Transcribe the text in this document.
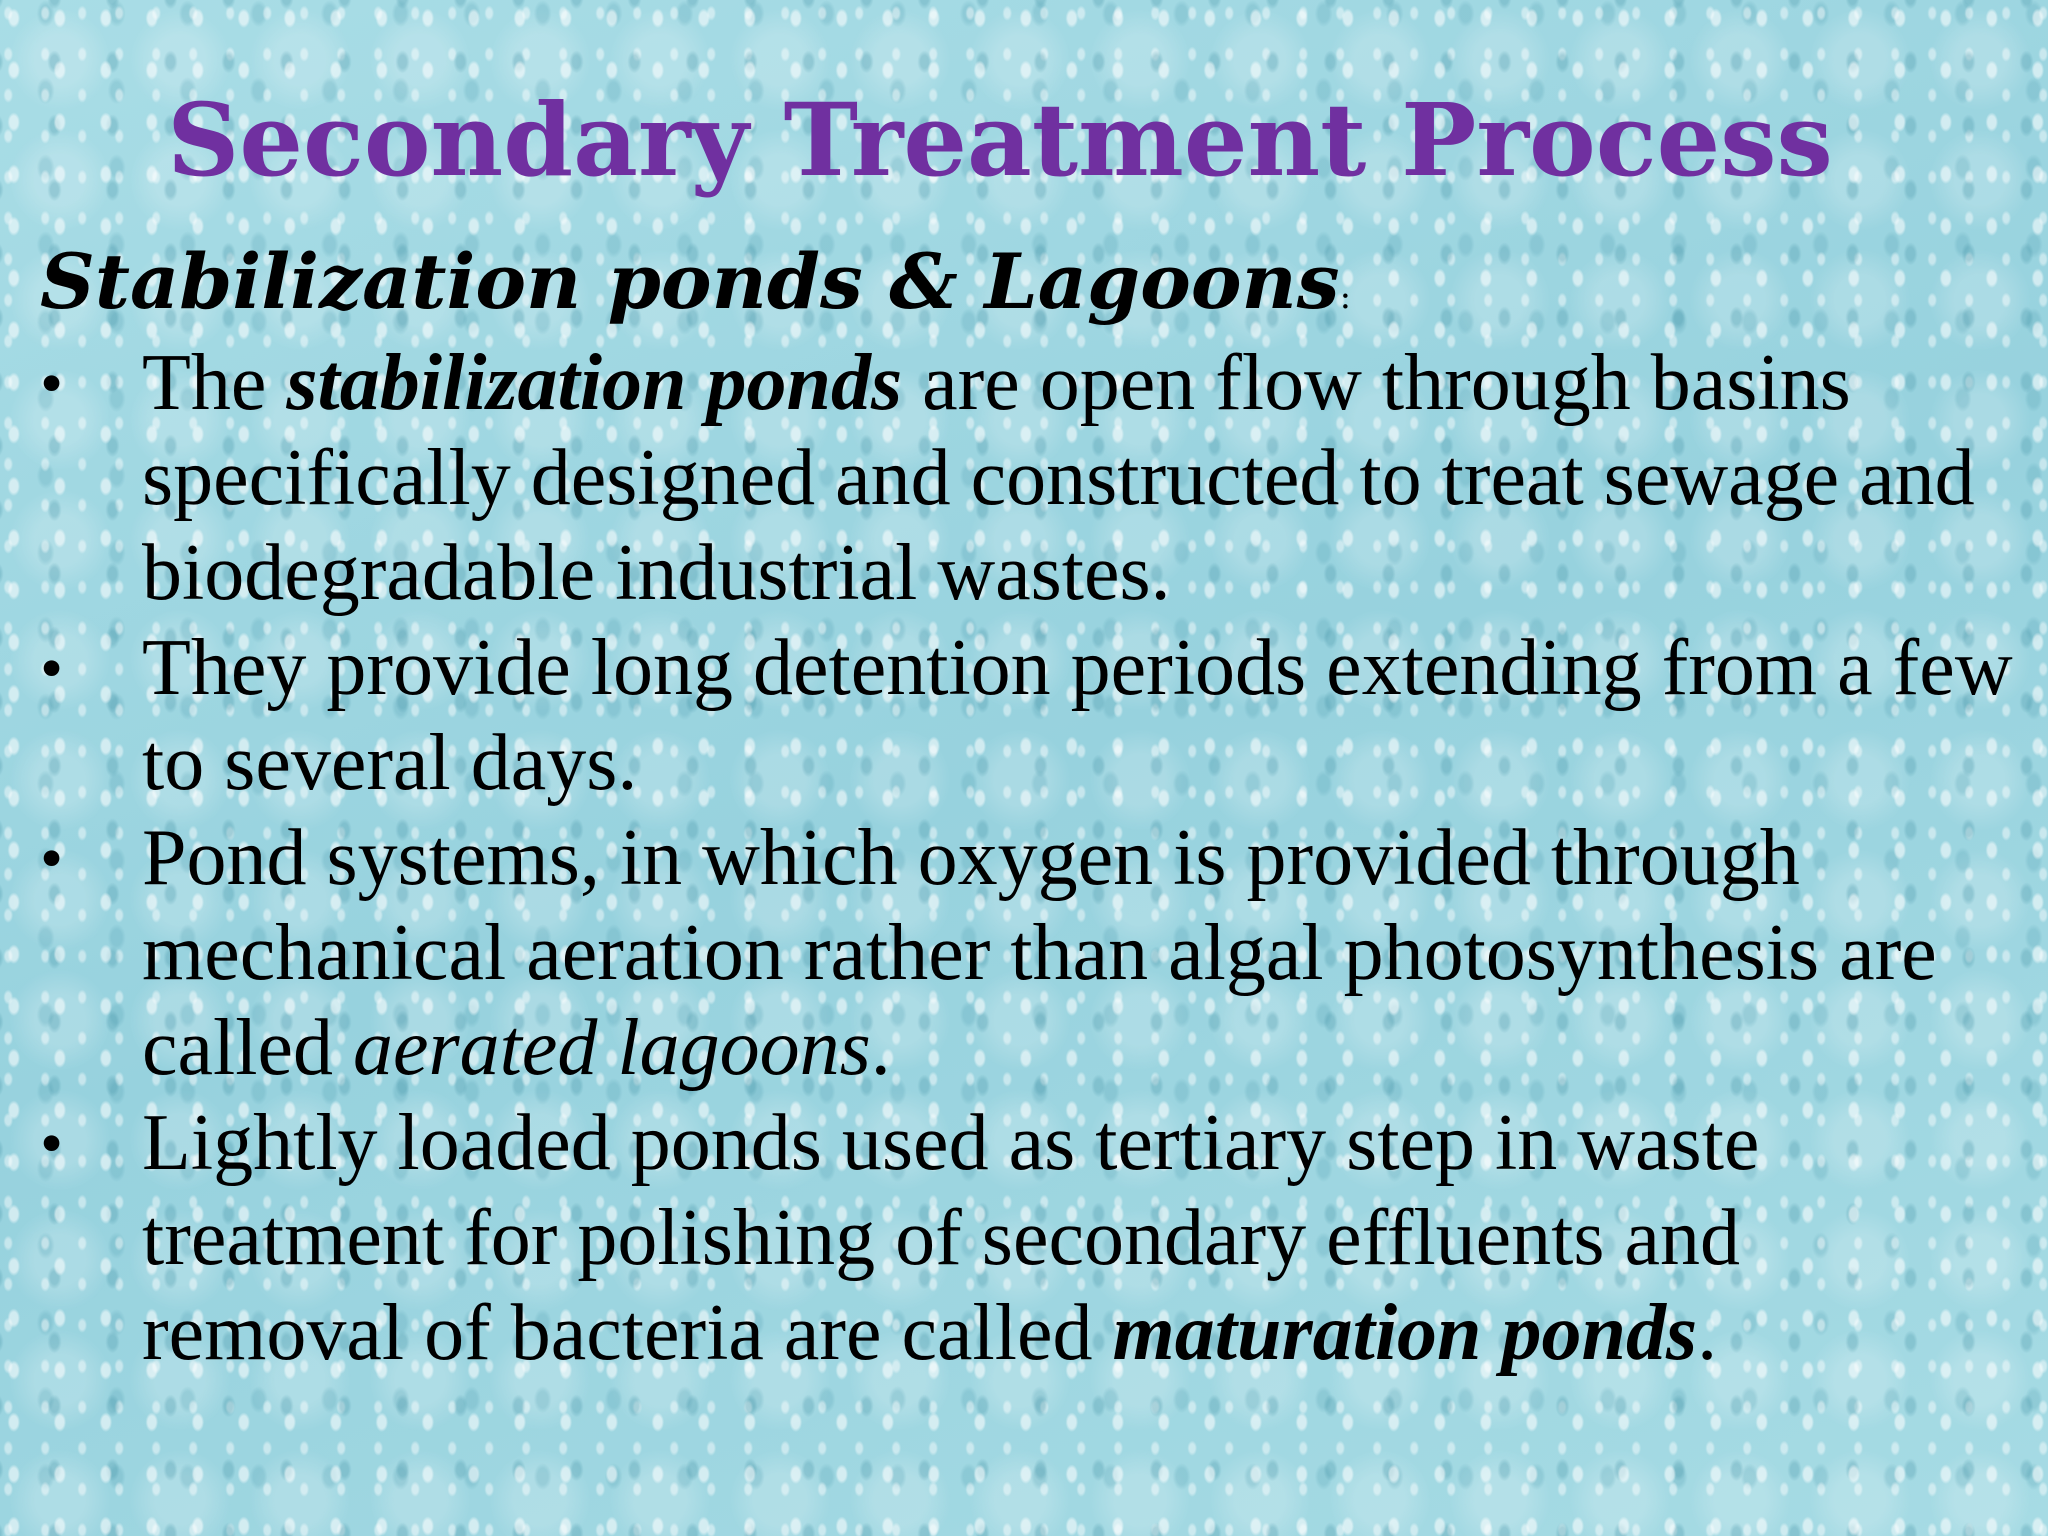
Secondary Treatment Process

Stabilization ponds & Lagoons:

• The stabilization ponds are open flow through basins specifically designed and constructed to treat sewage and biodegradable industrial wastes.
• They provide long detention periods extending from a few to several days.
• Pond systems, in which oxygen is provided through mechanical aeration rather than algal photosynthesis are called aerated lagoons.
• Lightly loaded ponds used as tertiary step in waste treatment for polishing of secondary effluents and removal of bacteria are called maturation ponds.
